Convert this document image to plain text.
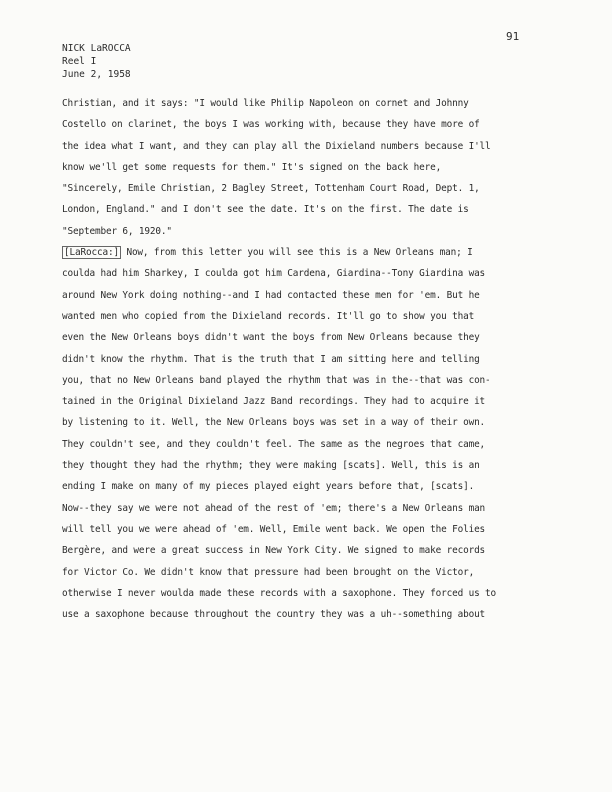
91
NICK LaROCCA
Reel I
June 2, 1958
Christian, and it says: "I would like Philip Napoleon on cornet and Johnny
Costello on clarinet, the boys I was working with, because they have more of
the idea what I want, and they can play all the Dixieland numbers because I'll
know we'll get some requests for them." It's signed on the back here,
"Sincerely, Emile Christian, 2 Bagley Street, Tottenham Court Road, Dept. 1,
London, England." and I don't see the date. It's on the first. The date is
"September 6, 1920."
[LaRocca:] Now, from this letter you will see this is a New Orleans man; I
coulda had him Sharkey, I coulda got him Cardena, Giardina--Tony Giardina was
around New York doing nothing--and I had contacted these men for 'em. But he
wanted men who copied from the Dixieland records. It'll go to show you that
even the New Orleans boys didn't want the boys from New Orleans because they
didn't know the rhythm. That is the truth that I am sitting here and telling
you, that no New Orleans band played the rhythm that was in the--that was con-
tained in the Original Dixieland Jazz Band recordings. They had to acquire it
by listening to it. Well, the New Orleans boys was set in a way of their own.
They couldn't see, and they couldn't feel. The same as the negroes that came,
they thought they had the rhythm; they were making [scats]. Well, this is an
ending I make on many of my pieces played eight years before that, [scats].
Now--they say we were not ahead of the rest of 'em; there's a New Orleans man
will tell you we were ahead of 'em. Well, Emile went back. We open the Folies
Bergère, and were a great success in New York City. We signed to make records
for Victor Co. We didn't know that pressure had been brought on the Victor,
otherwise I never woulda made these records with a saxophone. They forced us to
use a saxophone because throughout the country they was a uh--something about
